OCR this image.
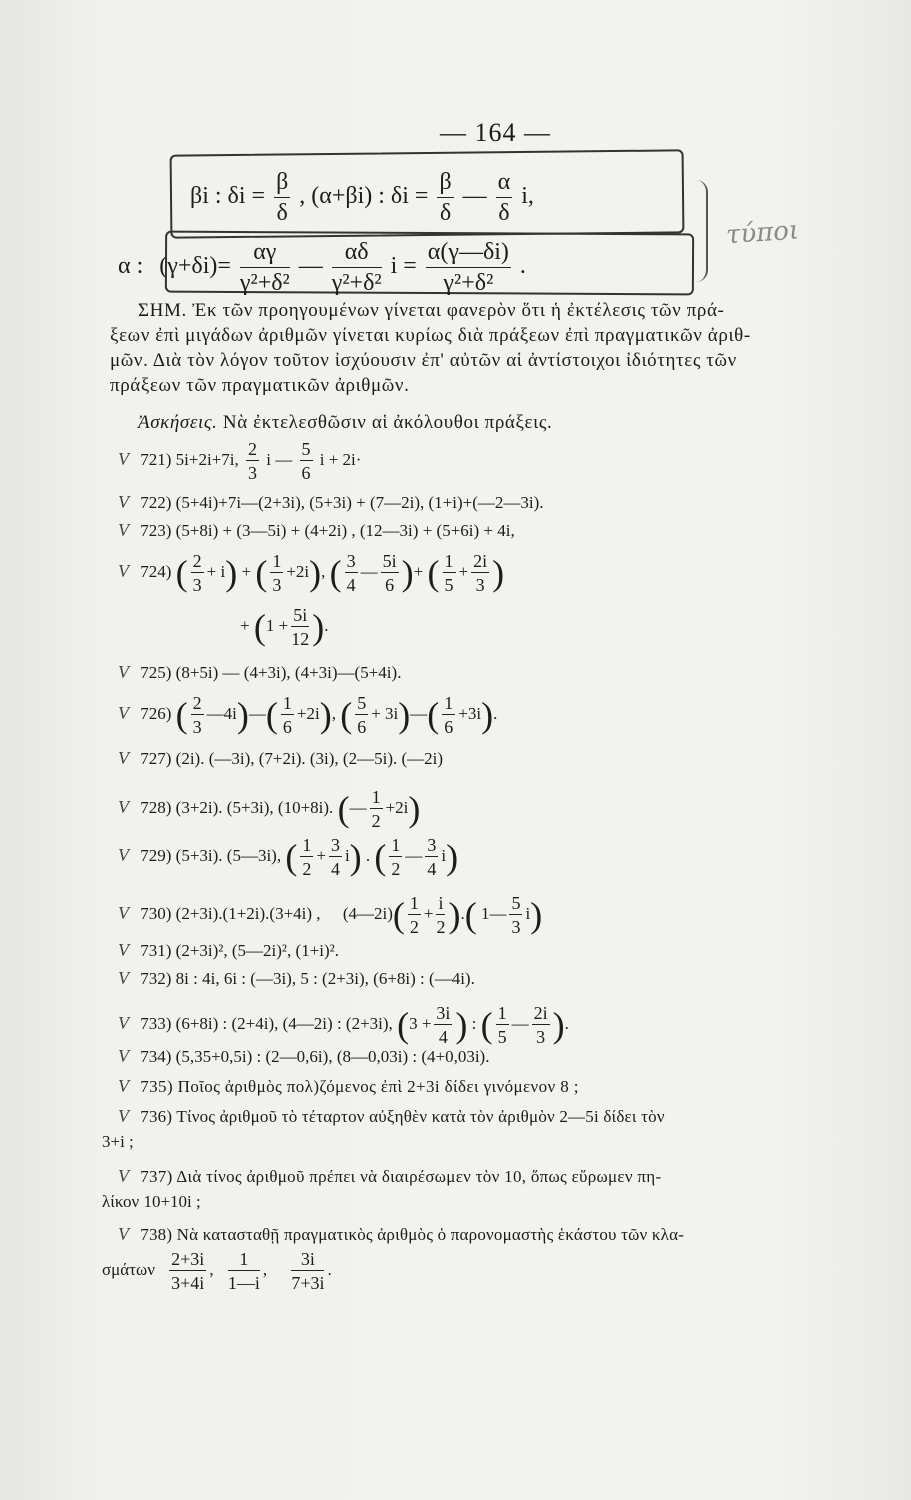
— 164 —
τύποι
βi : $\delta i = \frac{\beta}{\delta}$ , (α+βi) : $\delta i = \frac{\beta}{\delta}$ — $\frac{\alpha}{\delta} i$,
α : $(\gamma+\delta i)= \frac{\alpha\gamma}{\text{γ²+δ²}}$ — $\frac{\alpha\delta}{\text{γ²+δ²}}$ $i = \frac{\alpha(\gamma—\delta i)}{\text{γ²+δ²}}$ .
ΣΗΜ. Ἐκ τῶν προηγουμένων γίνεται φανερὸν ὅτι ἡ ἐκτέλεσις τῶν πρά-
ξεων ἐπὶ μιγάδων ἀριθμῶν γίνεται κυρίως διὰ πράξεων ἐπὶ πραγματικῶν ἀριθ-
μῶν. Διὰ τὸν λόγον τοῦτον ἰσχύουσιν ἐπ' αὐτῶν αἱ ἀντίστοιχοι ἰδιότητες τῶν
πράξεων τῶν πραγματικῶν ἀριθμῶν.
Ἀσκήσεις. Νὰ ἐκτελεσθῶσιν αἱ ἀκόλουθοι πράξεις.
V 721) 5i+2i+7i, $\frac{2}{3}$ i — $\frac{5}{6}$ i + 2i·
V 722) (5+4i)+7i—(2+3i), (5+3i) + (7—2i), (1+i)+(—2—3i).
V 723) (5+8i) + (3—5i) + (4+2i) , (12—3i) + (5+6i) + 4i,
V 724) ( $\frac{2}{3} + i$) + ( $\frac{1}{3} +2i$), ( $\frac{3}{4}$ — $\frac{5i}{6}$ )+ ( $\frac{1}{5} + \frac{2i}{3}$ )
+ ($1 + \frac{5i}{12}$ ).
V 725) (8+5i) — (4+3i), (4+3i)—(5+4i).
V 726) ( $\frac{2}{3}$ —4i)—( $\frac{1}{6} +2i$), ( $\frac{5}{6}$ + 3i)—( $\frac{1}{6} +3i$).
V 727) (2i). (—3i), (7+2i). (3i), (2—5i). (—2i)
V 728) (3+2i). (5+3i), (10+8i). (— $\frac{1}{2} +2i$)
V 729) (5+3i). (5—3i), ( $\frac{1}{2} + \frac{3}{4} i$) . ( $\frac{1}{2}$ — $\frac{3}{4} i$)
V 730) (2+3i).(1+2i).(3+4i) , (4—2i)( $\frac{1}{2} + \frac{i}{2}$ ).( 1— $\frac{5}{3} i$)
V 731) (2+3i)², (5—2i)², (1+i)².
V 732) 8i : 4i, 6i : (—3i), 5 : (2+3i), (6+8i) : (—4i).
V 733) (6+8i) : (2+4i), (4—2i) : (2+3i), ($3 + \frac{3i}{4}$ ) : ( $\frac{1}{5}$ — $\frac{2i}{3}$ ).
V 734) (5,35+0,5i) : (2—0,6i), (8—0,03i) : (4+0,03i).
V 735) Ποῖος ἀριθμὸς πολ)ζόμενος ἐπὶ 2+3i δίδει γινόμενον 8 ;
V 736) Τίνος ἀριθμοῦ τὸ τέταρτον αὐξηθὲν κατὰ τὸν ἀριθμὸν 2—5i δίδει τὸν
3+i ;
V 737) Διὰ τίνος ἀριθμοῦ πρέπει νὰ διαιρέσωμεν τὸν 10, ὅπως εὕρωμεν πη-
λίκον 10+10i ;
V 738) Νὰ κατασταθῇ πραγματικὸς ἀριθμὸς ὁ παρονομαστὴς ἑκάστου τῶν κλα-
σμάτων $\frac{2+3i}{3+4i}$ , $\frac{1}{1—i}$ , $\frac{3i}{7+3i}$ .
